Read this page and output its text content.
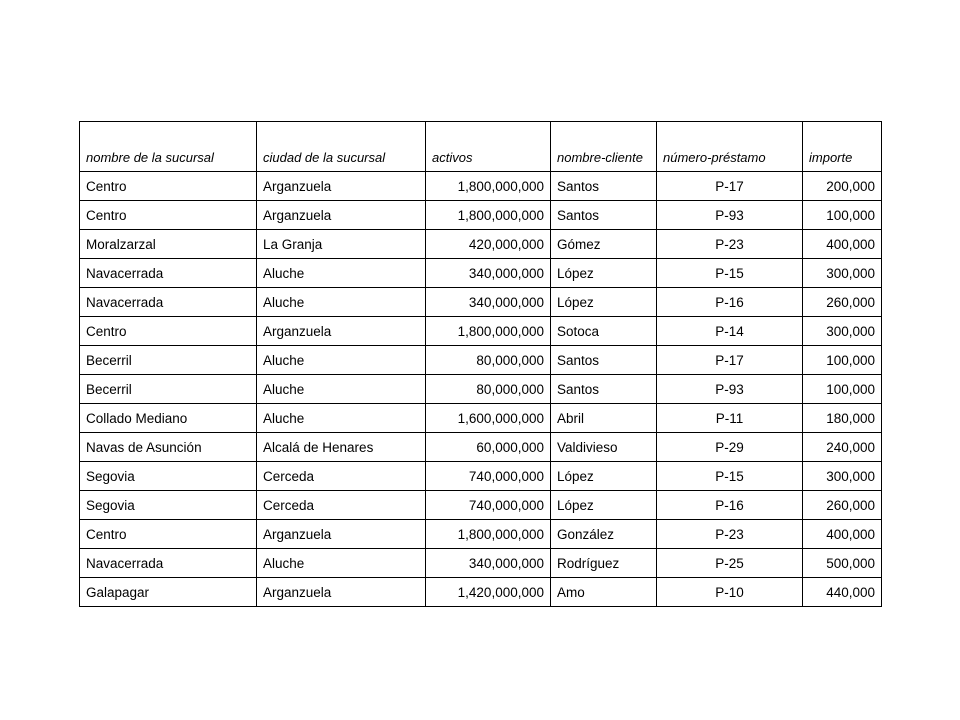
nombre de la sucursal	ciudad de la sucursal	activos	nombre-cliente	número-préstamo	importe
Centro	Arganzuela	1,800,000,000	Santos	P-17	200,000
Centro	Arganzuela	1,800,000,000	Santos	P-93	100,000
Moralzarzal	La Granja	420,000,000	Gómez	P-23	400,000
Navacerrada	Aluche	340,000,000	López	P-15	300,000
Navacerrada	Aluche	340,000,000	López	P-16	260,000
Centro	Arganzuela	1,800,000,000	Sotoca	P-14	300,000
Becerril	Aluche	80,000,000	Santos	P-17	100,000
Becerril	Aluche	80,000,000	Santos	P-93	100,000
Collado Mediano	Aluche	1,600,000,000	Abril	P-11	180,000
Navas de Asunción	Alcalá de Henares	60,000,000	Valdivieso	P-29	240,000
Segovia	Cerceda	740,000,000	López	P-15	300,000
Segovia	Cerceda	740,000,000	López	P-16	260,000
Centro	Arganzuela	1,800,000,000	González	P-23	400,000
Navacerrada	Aluche	340,000,000	Rodríguez	P-25	500,000
Galapagar	Arganzuela	1,420,000,000	Amo	P-10	440,000
